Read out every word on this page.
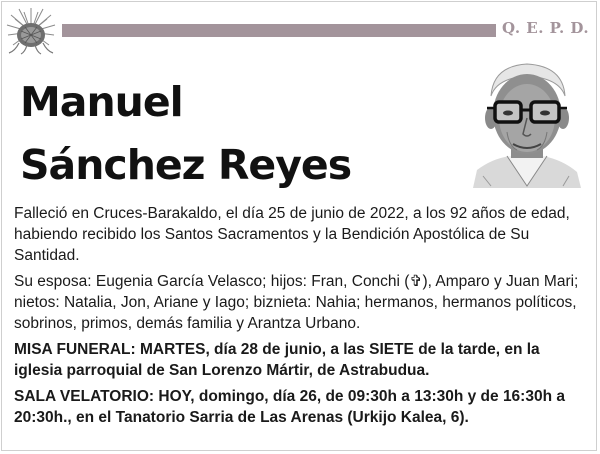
Q. E. P. D.
Manuel
Sánchez Reyes

Falleció en Cruces-Barakaldo, el día 25 de junio de 2022, a los 92 años de edad, habiendo recibido los Santos Sacramentos y la Bendición Apostólica de Su Santidad.

Su esposa: Eugenia García Velasco; hijos: Fran, Conchi (✞), Amparo y Juan Mari; nietos: Natalia, Jon, Ariane y Iago; biznieta: Nahia; hermanos, hermanos políticos, sobrinos, primos, demás familia y Arantza Urbano.

MISA FUNERAL: MARTES, día 28 de junio, a las SIETE de la tarde, en la iglesia parroquial de San Lorenzo Mártir, de Astrabudua.

SALA VELATORIO: HOY, domingo, día 26, de 09:30h a 13:30h y de 16:30h a 20:30h., en el Tanatorio Sarria de Las Arenas (Urkijo Kalea, 6).
